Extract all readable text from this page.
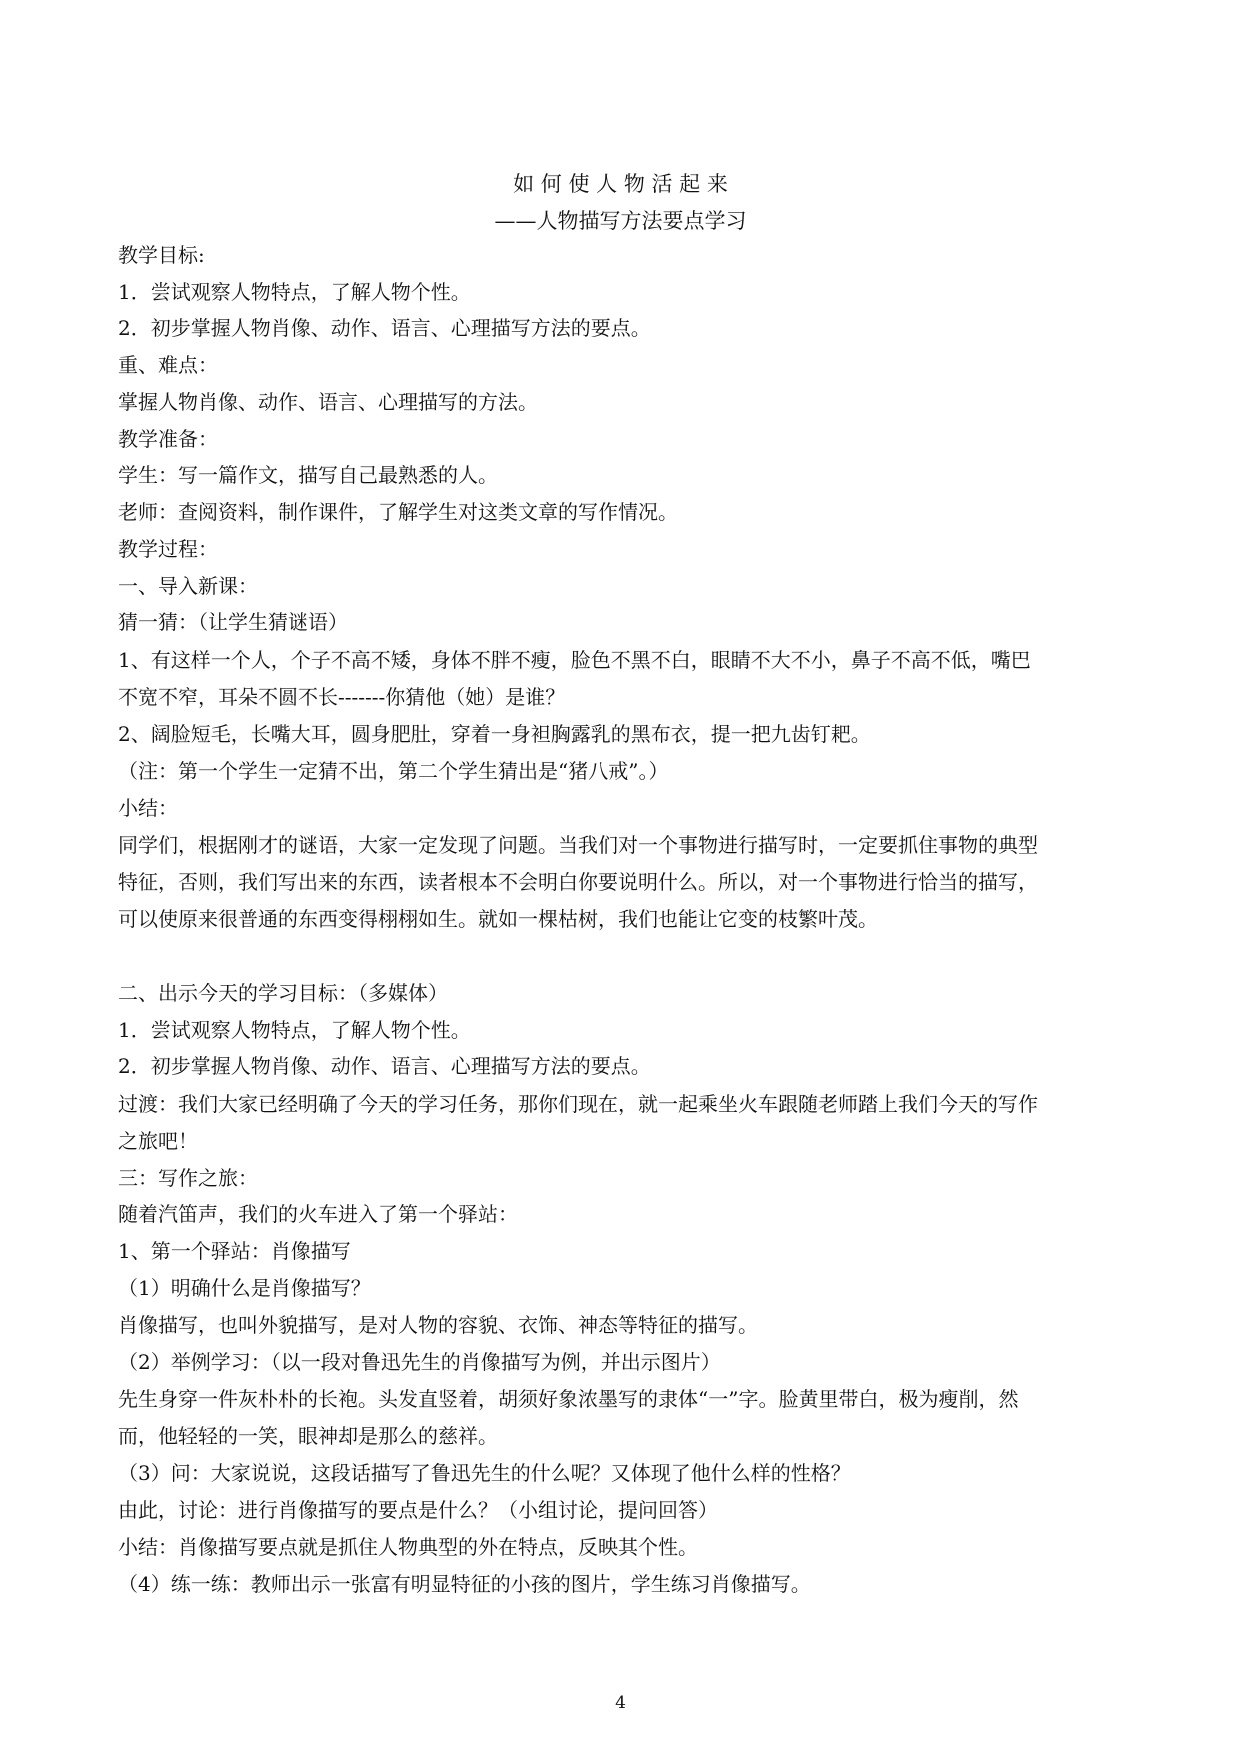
如 何 使 人 物 活 起 来
——人物描写方法要点学习
教学目标:
1．尝试观察人物特点，了解人物个性。
2．初步掌握人物肖像、动作、语言、心理描写方法的要点。
重、难点：
掌握人物肖像、动作、语言、心理描写的方法。
教学准备：
学生：写一篇作文，描写自己最熟悉的人。
老师：查阅资料，制作课件，了解学生对这类文章的写作情况。
教学过程：
一、导入新课：
猜一猜：（让学生猜谜语）
1、有这样一个人，个子不高不矮，身体不胖不瘦，脸色不黑不白，眼睛不大不小，鼻子不高不低，嘴巴
不宽不窄，耳朵不圆不长-------你猜他（她）是谁？
2、阔脸短毛，长嘴大耳，圆身肥肚，穿着一身袒胸露乳的黑布衣，提一把九齿钉耙。
（注：第一个学生一定猜不出，第二个学生猜出是“猪八戒”。）
小结：
同学们，根据刚才的谜语，大家一定发现了问题。当我们对一个事物进行描写时，一定要抓住事物的典型
特征，否则，我们写出来的东西，读者根本不会明白你要说明什么。所以，对一个事物进行恰当的描写，
可以使原来很普通的东西变得栩栩如生。就如一棵枯树，我们也能让它变的枝繁叶茂。
二、出示今天的学习目标：（多媒体）
1．尝试观察人物特点，了解人物个性。
2．初步掌握人物肖像、动作、语言、心理描写方法的要点。
过渡：我们大家已经明确了今天的学习任务，那你们现在，就一起乘坐火车跟随老师踏上我们今天的写作
之旅吧！
三：写作之旅：
随着汽笛声，我们的火车进入了第一个驿站：
1、第一个驿站：肖像描写
（1）明确什么是肖像描写？
肖像描写，也叫外貌描写，是对人物的容貌、衣饰、神态等特征的描写。
（2）举例学习：（以一段对鲁迅先生的肖像描写为例，并出示图片）
先生身穿一件灰朴朴的长袍。头发直竖着，胡须好象浓墨写的隶体“一”字。脸黄里带白，极为瘦削，然
而，他轻轻的一笑，眼神却是那么的慈祥。
（3）问：大家说说，这段话描写了鲁迅先生的什么呢？又体现了他什么样的性格？
由此，讨论：进行肖像描写的要点是什么？（小组讨论，提问回答）
小结：肖像描写要点就是抓住人物典型的外在特点，反映其个性。
（4）练一练：教师出示一张富有明显特征的小孩的图片，学生练习肖像描写。
4
